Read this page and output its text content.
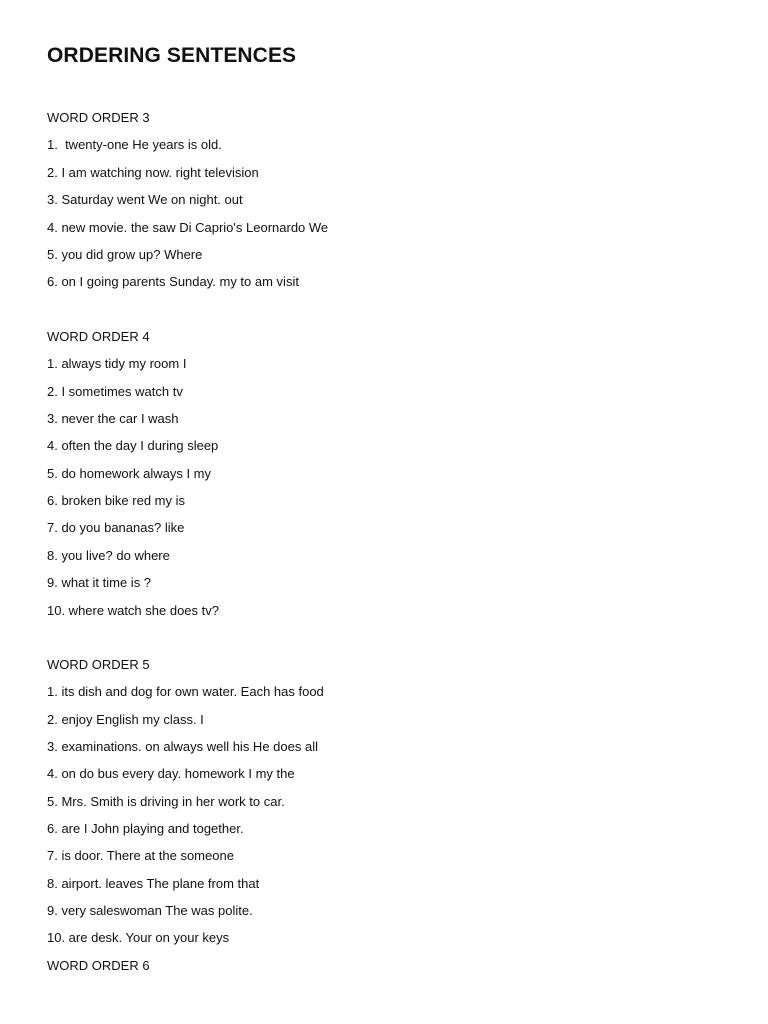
ORDERING SENTENCES
WORD ORDER 3
1.  twenty-one He years is old.
2. I am watching now. right television
3. Saturday went We on night. out
4. new movie. the saw Di Caprio's Leornardo We
5. you did grow up? Where
6. on I going parents Sunday. my to am visit
WORD ORDER 4
1. always tidy my room I
2. I sometimes watch tv
3. never the car I wash
4. often the day I during sleep
5. do homework always I my
6. broken bike red my is
7. do you bananas? like
8. you live? do where
9. what it time is ?
10. where watch she does tv?
WORD ORDER 5
1. its dish and dog for own water. Each has food
2. enjoy English my class. I
3. examinations. on always well his He does all
4. on do bus every day. homework I my the
5. Mrs. Smith is driving in her work to car.
6. are I John playing and together.
7. is door. There at the someone
8. airport. leaves The plane from that
9. very saleswoman The was polite.
10. are desk. Your on your keys
WORD ORDER 6
